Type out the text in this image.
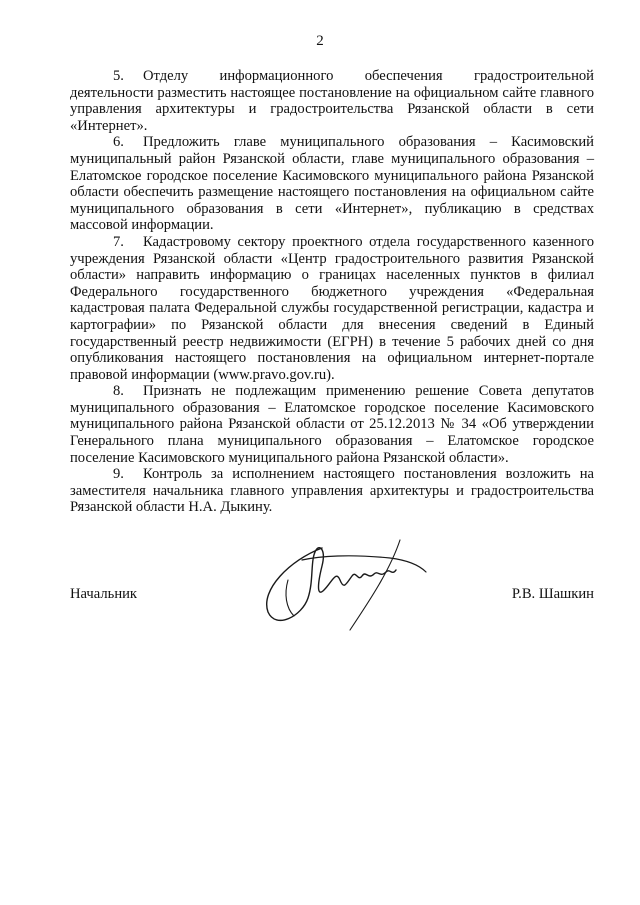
2

5. Отделу информационного обеспечения градостроительной деятельности разместить настоящее постановление на официальном сайте главного управления архитектуры и градостроительства Рязанской области в сети «Интернет».

6. Предложить главе муниципального образования – Касимовский муниципальный район Рязанской области, главе муниципального образования – Елатомское городское поселение Касимовского муниципального района Рязанской области обеспечить размещение настоящего постановления на официальном сайте муниципального образования в сети «Интернет», публикацию в средствах массовой информации.

7. Кадастровому сектору проектного отдела государственного казенного учреждения Рязанской области «Центр градостроительного развития Рязанской области» направить информацию о границах населенных пунктов в филиал Федерального государственного бюджетного учреждения «Федеральная кадастровая палата Федеральной службы государственной регистрации, кадастра и картографии» по Рязанской области для внесения сведений в Единый государственный реестр недвижимости (ЕГРН) в течение 5 рабочих дней со дня опубликования настоящего постановления на официальном интернет-портале правовой информации (www.pravo.gov.ru).

8. Признать не подлежащим применению решение Совета депутатов муниципального образования – Елатомское городское поселение Касимовского муниципального района Рязанской области от 25.12.2013 № 34 «Об утверждении Генерального плана муниципального образования – Елатомское городское поселение Касимовского муниципального района Рязанской области».

9. Контроль за исполнением настоящего постановления возложить на заместителя начальника главного управления архитектуры и градостроительства Рязанской области Н.А. Дыкину.

Начальник	Р.В. Шашкин
